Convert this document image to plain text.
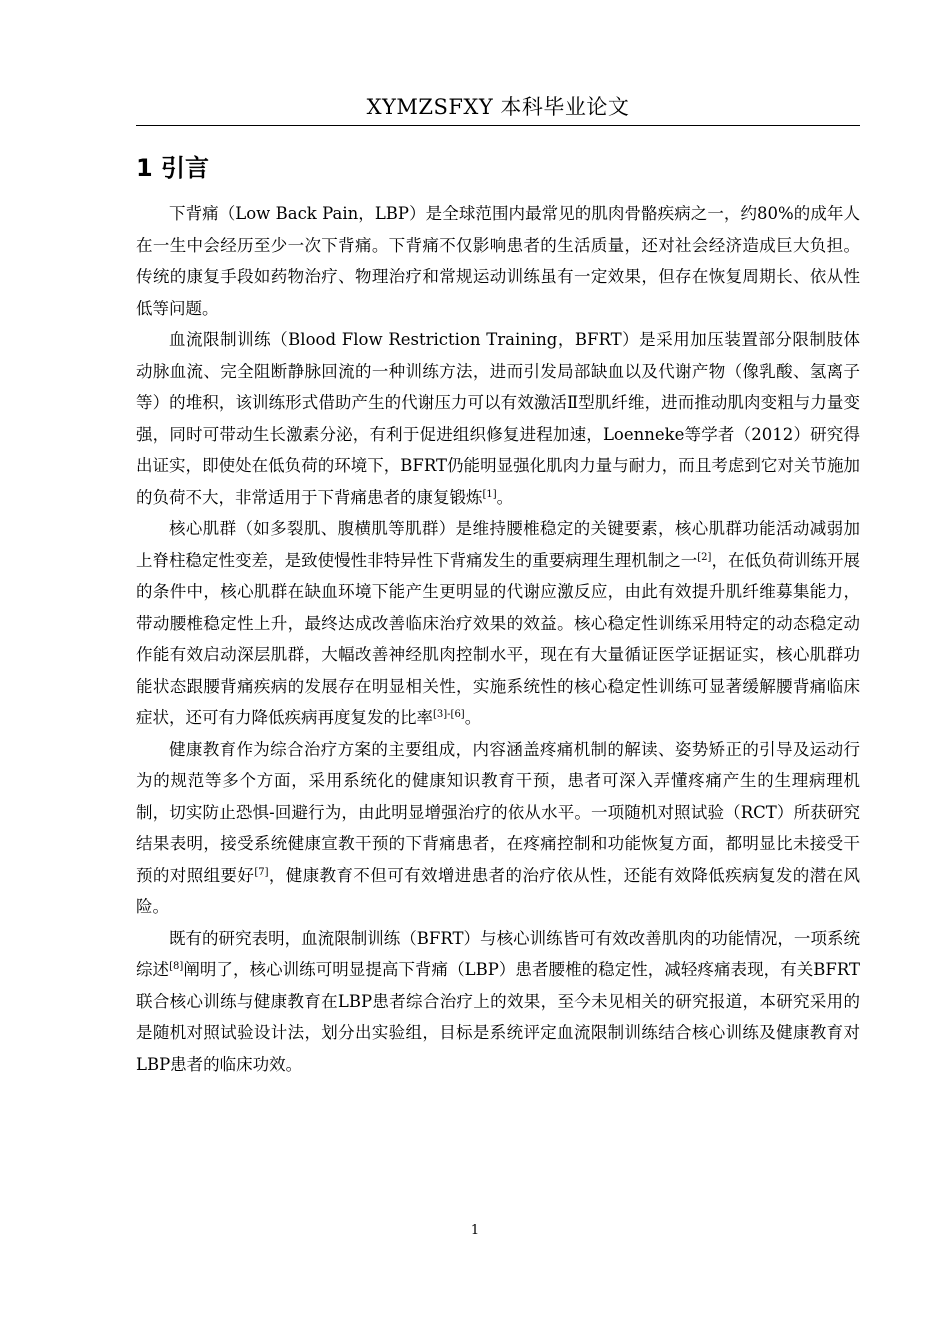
XYMZSFXY 本科毕业论文
1 引言

下背痛（Low Back Pain，LBP）是全球范围内最常见的肌肉骨骼疾病之一，约80%的成年人在一生中会经历至少一次下背痛。下背痛不仅影响患者的生活质量，还对社会经济造成巨大负担。传统的康复手段如药物治疗、物理治疗和常规运动训练虽有一定效果，但存在恢复周期长、依从性低等问题。

血流限制训练（Blood Flow Restriction Training，BFRT）是采用加压装置部分限制肢体动脉血流、完全阻断静脉回流的一种训练方法，进而引发局部缺血以及代谢产物（像乳酸、氢离子等）的堆积，该训练形式借助产生的代谢压力可以有效激活Ⅱ型肌纤维，进而推动肌肉变粗与力量变强，同时可带动生长激素分泌，有利于促进组织修复进程加速，Loenneke等学者（2012）研究得出证实，即使处在低负荷的环境下，BFRT仍能明显强化肌肉力量与耐力，而且考虑到它对关节施加的负荷不大，非常适用于下背痛患者的康复锻炼[1]。

核心肌群（如多裂肌、腹横肌等肌群）是维持腰椎稳定的关键要素，核心肌群功能活动减弱加上脊柱稳定性变差，是致使慢性非特异性下背痛发生的重要病理生理机制之一[2]，在低负荷训练开展的条件中，核心肌群在缺血环境下能产生更明显的代谢应激反应，由此有效提升肌纤维募集能力，带动腰椎稳定性上升，最终达成改善临床治疗效果的效益。核心稳定性训练采用特定的动态稳定动作能有效启动深层肌群，大幅改善神经肌肉控制水平，现在有大量循证医学证据证实，核心肌群功能状态跟腰背痛疾病的发展存在明显相关性，实施系统性的核心稳定性训练可显著缓解腰背痛临床症状，还可有力降低疾病再度复发的比率[3]-[6]。

健康教育作为综合治疗方案的主要组成，内容涵盖疼痛机制的解读、姿势矫正的引导及运动行为的规范等多个方面，采用系统化的健康知识教育干预，患者可深入弄懂疼痛产生的生理病理机制，切实防止恐惧-回避行为，由此明显增强治疗的依从水平。一项随机对照试验（RCT）所获研究结果表明，接受系统健康宣教干预的下背痛患者，在疼痛控制和功能恢复方面，都明显比未接受干预的对照组要好[7]，健康教育不但可有效增进患者的治疗依从性，还能有效降低疾病复发的潜在风险。

既有的研究表明，血流限制训练（BFRT）与核心训练皆可有效改善肌肉的功能情况，一项系统综述[8]阐明了，核心训练可明显提高下背痛（LBP）患者腰椎的稳定性，减轻疼痛表现，有关BFRT联合核心训练与健康教育在LBP患者综合治疗上的效果，至今未见相关的研究报道，本研究采用的是随机对照试验设计法，划分出实验组，目标是系统评定血流限制训练结合核心训练及健康教育对LBP患者的临床功效。

1
